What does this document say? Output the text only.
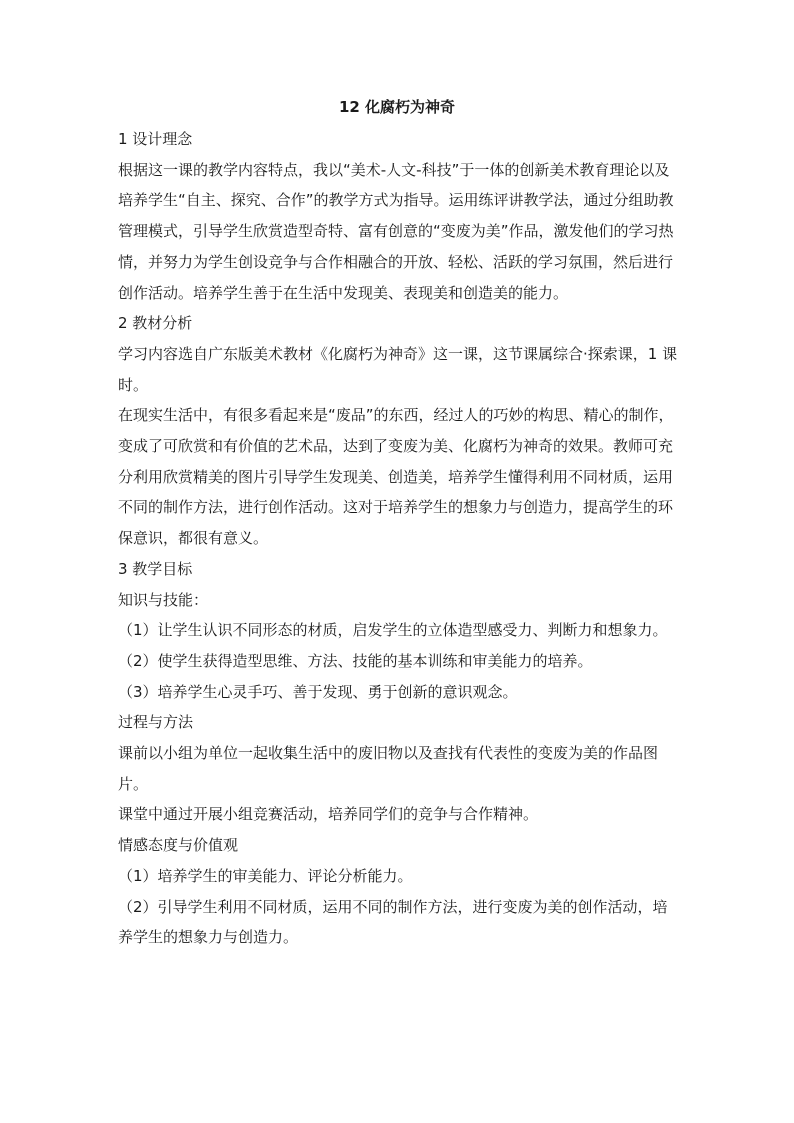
12 化腐朽为神奇

1 设计理念

根据这一课的教学内容特点，我以“美术-人文-科技”于一体的创新美术教育理论以及培养学生“自主、探究、合作”的教学方式为指导。运用练评讲教学法，通过分组助教管理模式，引导学生欣赏造型奇特、富有创意的“变废为美”作品，激发他们的学习热情，并努力为学生创设竞争与合作相融合的开放、轻松、活跃的学习氛围，然后进行创作活动。培养学生善于在生活中发现美、表现美和创造美的能力。

2 教材分析

学习内容选自广东版美术教材《化腐朽为神奇》这一课，这节课属综合·探索课，1 课时。

在现实生活中，有很多看起来是“废品”的东西，经过人的巧妙的构思、精心的制作，变成了可欣赏和有价值的艺术品，达到了变废为美、化腐朽为神奇的效果。教师可充分利用欣赏精美的图片引导学生发现美、创造美，培养学生懂得利用不同材质，运用不同的制作方法，进行创作活动。这对于培养学生的想象力与创造力，提高学生的环保意识，都很有意义。

3 教学目标

知识与技能：

（1）让学生认识不同形态的材质，启发学生的立体造型感受力、判断力和想象力。

（2）使学生获得造型思维、方法、技能的基本训练和审美能力的培养。

（3）培养学生心灵手巧、善于发现、勇于创新的意识观念。

过程与方法

课前以小组为单位一起收集生活中的废旧物以及查找有代表性的变废为美的作品图片。

课堂中通过开展小组竞赛活动，培养同学们的竞争与合作精神。

情感态度与价值观

（1）培养学生的审美能力、评论分析能力。

（2）引导学生利用不同材质，运用不同的制作方法，进行变废为美的创作活动，培养学生的想象力与创造力。
